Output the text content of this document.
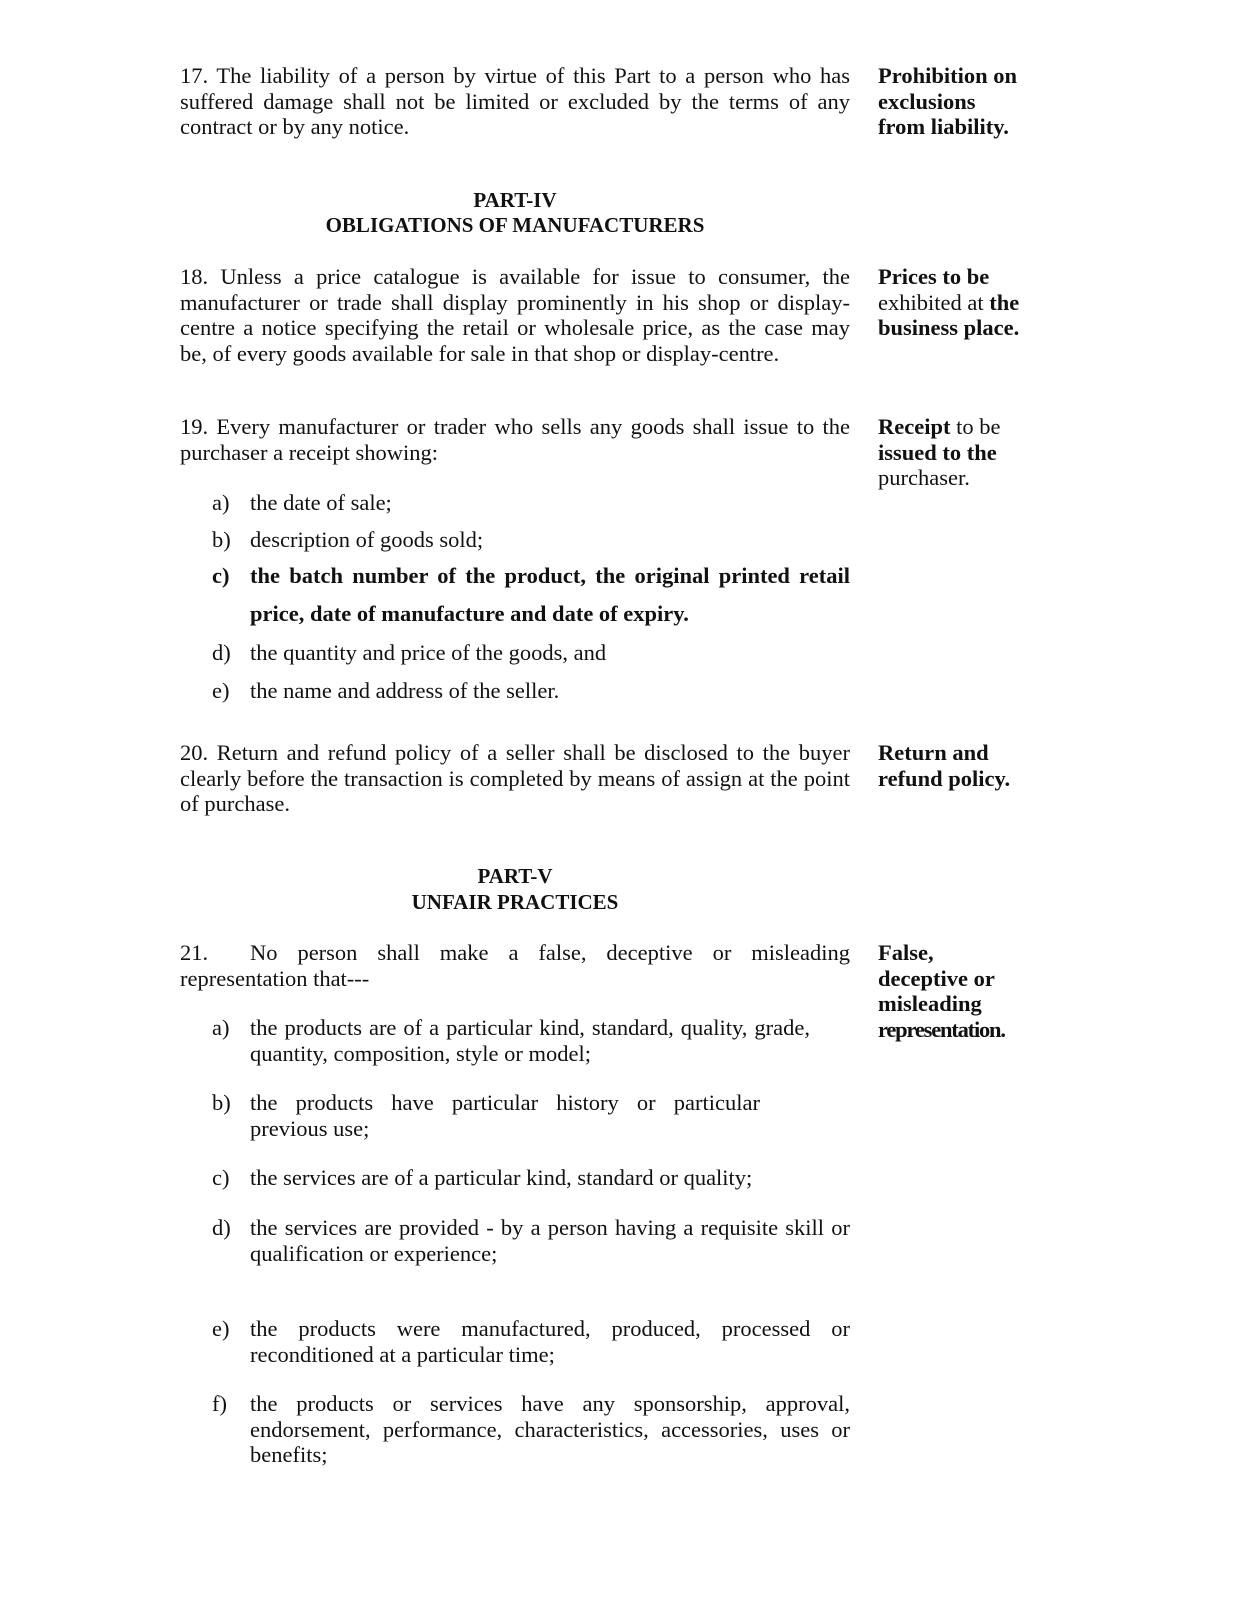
17. The liability of a person by virtue of this Part to a person who has suffered damage shall not be limited or excluded by the terms of any contract or by any notice.
Prohibition on
exclusions
from liability.
PART-IV
OBLIGATIONS OF MANUFACTURERS
18. Unless a price catalogue is available for issue to consumer, the manufacturer or trade shall display prominently in his shop or display-centre a notice specifying the retail or wholesale price, as the case may be, of every goods available for sale in that shop or display-centre.
Prices to be
exhibited at the
business place.
19. Every manufacturer or trader who sells any goods shall issue to the purchaser a receipt showing:
Receipt to be
issued to the
purchaser.
a) the date of sale;
b) description of goods sold;
c) the batch number of the product, the original printed retail price, date of manufacture and date of expiry.
d) the quantity and price of the goods, and
e) the name and address of the seller.
20. Return and refund policy of a seller shall be disclosed to the buyer clearly before the transaction is completed by means of assign at the point of purchase.
Return and
refund policy.
PART-V
UNFAIR PRACTICES
21. No person shall make a false, deceptive or misleading representation that---
False,
deceptive or
misleading
representation.
a) the products are of a particular kind, standard, quality, grade, quantity, composition, style or model;
b) the products have particular history or particular previous use;
c) the services are of a particular kind, standard or quality;
d) the services are provided - by a person having a requisite skill or qualification or experience;
e) the products were manufactured, produced, processed or reconditioned at a particular time;
f)	the products or services have any sponsorship, approval, endorsement, performance, characteristics, accessories, uses or benefits;
